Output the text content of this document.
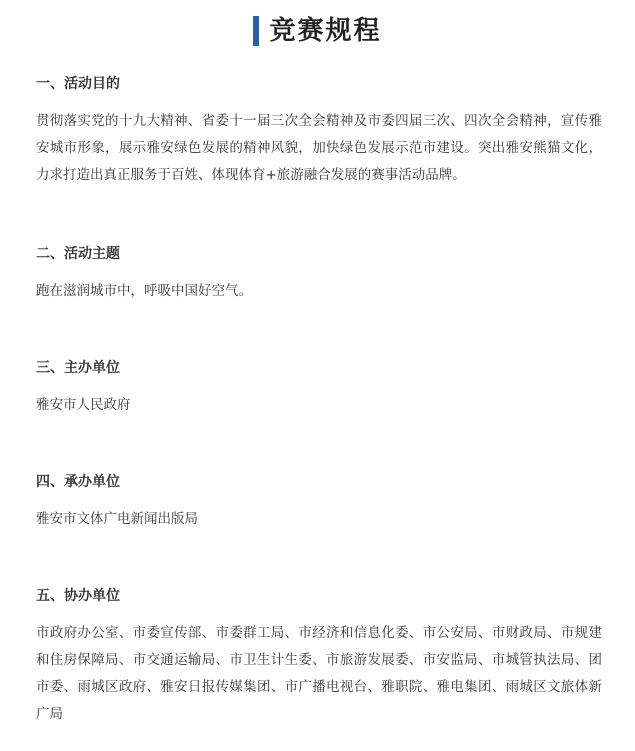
竞赛规程

一、活动目的

贯彻落实党的十九大精神、省委十一届三次全会精神及市委四届三次、四次全会精神，宣传雅安城市形象，展示雅安绿色发展的精神风貌，加快绿色发展示范市建设。突出雅安熊猫文化，力求打造出真正服务于百姓、体现体育+旅游融合发展的赛事活动品牌。

二、活动主题

跑在滋润城市中，呼吸中国好空气。

三、主办单位

雅安市人民政府

四、承办单位

雅安市文体广电新闻出版局

五、协办单位

市政府办公室、市委宣传部、市委群工局、市经济和信息化委、市公安局、市财政局、市规建和住房保障局、市交通运输局、市卫生计生委、市旅游发展委、市安监局、市城管执法局、团市委、雨城区政府、雅安日报传媒集团、市广播电视台、雅职院、雅电集团、雨城区文旅体新广局
